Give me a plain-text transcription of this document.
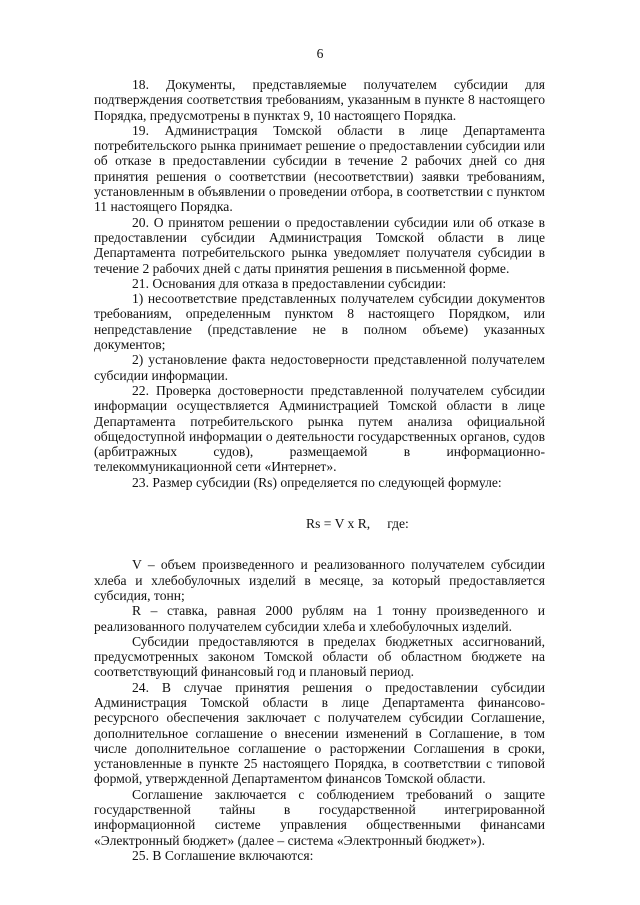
6

18. Документы, представляемые получателем субсидии для подтверждения соответствия требованиям, указанным в пункте 8 настоящего Порядка, предусмотрены в пунктах 9, 10 настоящего Порядка.

19. Администрация Томской области в лице Департамента потребительского рынка принимает решение о предоставлении субсидии или об отказе в предоставлении субсидии в течение 2 рабочих дней со дня принятия решения о соответствии (несоответствии) заявки требованиям, установленным в объявлении о проведении отбора, в соответствии с пунктом 11 настоящего Порядка.

20. О принятом решении о предоставлении субсидии или об отказе в предоставлении субсидии Администрация Томской области в лице Департамента потребительского рынка уведомляет получателя субсидии в течение 2 рабочих дней с даты принятия решения в письменной форме.

21. Основания для отказа в предоставлении субсидии:

1) несоответствие представленных получателем субсидии документов требованиям, определенным пунктом 8 настоящего Порядком, или непредставление (представление не в полном объеме) указанных документов;

2) установление факта недостоверности представленной получателем субсидии информации.

22. Проверка достоверности представленной получателем субсидии информации осуществляется Администрацией Томской области в лице Департамента потребительского рынка путем анализа официальной общедоступной информации о деятельности государственных органов, судов (арбитражных судов), размещаемой в информационно-телекоммуникационной сети «Интернет».

23. Размер субсидии (Rs) определяется по следующей формуле:

Rs = V x R,     где:

V – объем произведенного и реализованного получателем субсидии хлеба и хлебобулочных изделий в месяце, за который предоставляется субсидия, тонн;

R – ставка, равная 2000 рублям на 1 тонну произведенного и реализованного получателем субсидии хлеба и хлебобулочных изделий.

Субсидии предоставляются в пределах бюджетных ассигнований, предусмотренных законом Томской области об областном бюджете на соответствующий финансовый год и плановый период.

24. В случае принятия решения о предоставлении субсидии Администрация Томской области в лице Департамента финансово-ресурсного обеспечения заключает с получателем субсидии Соглашение, дополнительное соглашение о внесении изменений в Соглашение, в том числе дополнительное соглашение о расторжении Соглашения в сроки, установленные в пункте 25 настоящего Порядка, в соответствии с типовой формой, утвержденной Департаментом финансов Томской области.

Соглашение заключается с соблюдением требований о защите государственной тайны в государственной интегрированной информационной системе управления общественными финансами «Электронный бюджет» (далее – система «Электронный бюджет»).

25. В Соглашение включаются:
